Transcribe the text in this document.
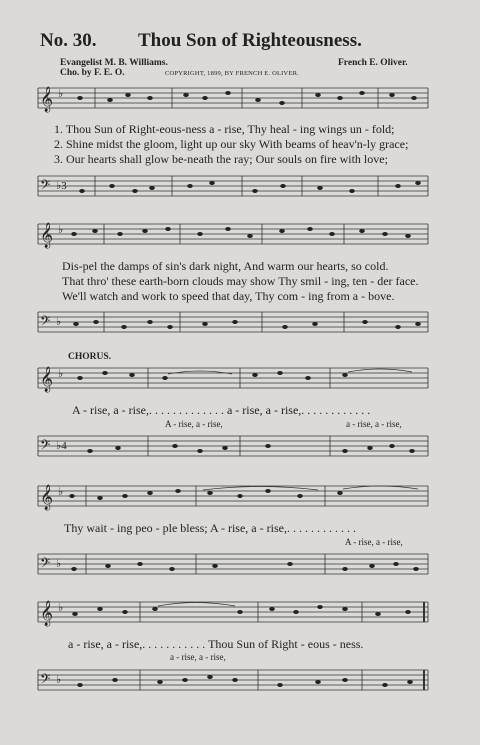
No. 30. Thou Son of Righteousness.
Evangelist M. B. Williams.
Cho. by F. E. O.	COPYRIGHT, 1899, BY FRENCH E. OLIVER.
French E. Oliver.
𝄞 ♭
1. Thou Sun of Right-eous-ness a - rise, Thy heal - ing wings un - fold;
2. Shine midst the gloom, light up our sky With beams of heav'n-ly grace;
3. Our hearts shall glow be-neath the ray; Our souls on fire with love;
𝄢 ♭3
𝄞 ♭
Dis-pel the damps of sin's dark night, And warm our hearts, so cold.
That thro' these earth-born clouds may show Thy smil - ing, ten - der face.
We'll watch and work to speed that day, Thy com - ing from a - bove.
𝄢 ♭
CHORUS.
𝄞 ♭
A - rise, a - rise,. . . . . . . . . . . . . a - rise, a - rise,. . . . . . . . . . . .
A - rise, a - rise,	a - rise, a - rise,
𝄢 ♭4
𝄞 ♭
Thy wait - ing peo - ple bless; A - rise, a - rise,. . . . . . . . . . . .
A - rise, a - rise,
𝄢 ♭
𝄞 ♭
a - rise, a - rise,. . . . . . . . . . . Thou Sun of Right - eous - ness.
a - rise, a - rise,
𝄢 ♭
